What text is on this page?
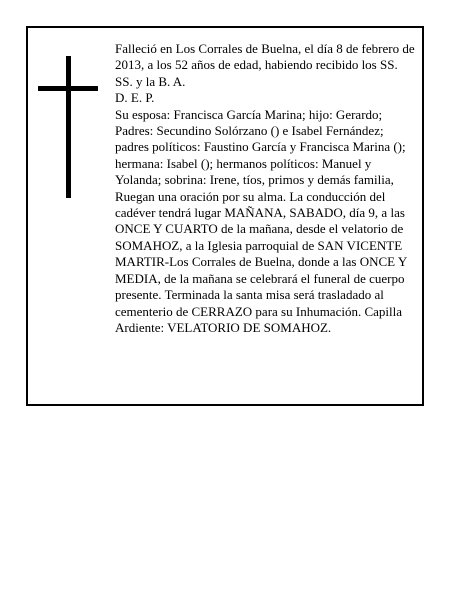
Falleció en Los Corrales de Buelna, el día 8 de febrero de 2013, a los 52 años de edad, habiendo recibido los SS. SS. y la B. A.

D. E. P.

Su esposa: Francisca García Marina; hijo: Gerardo; Padres: Secundino Solórzano () e Isabel Fernández; padres políticos: Faustino García y Francisca Marina (); hermana: Isabel (); hermanos políticos: Manuel y Yolanda; sobrina: Irene, tíos, primos y demás familia, Ruegan una oración por su alma. La conducción del cadéver tendrá lugar MAÑANA, SABADO, día 9, a las ONCE Y CUARTO de la mañana, desde el velatorio de SOMAHOZ, a la Iglesia parroquial de SAN VICENTE MARTIR-Los Corrales de Buelna, donde a las ONCE Y MEDIA, de la mañana se celebrará el funeral de cuerpo presente. Terminada la santa misa será trasladado al cementerio de CERRAZO para su Inhumación. Capilla Ardiente: VELATORIO DE SOMAHOZ.
